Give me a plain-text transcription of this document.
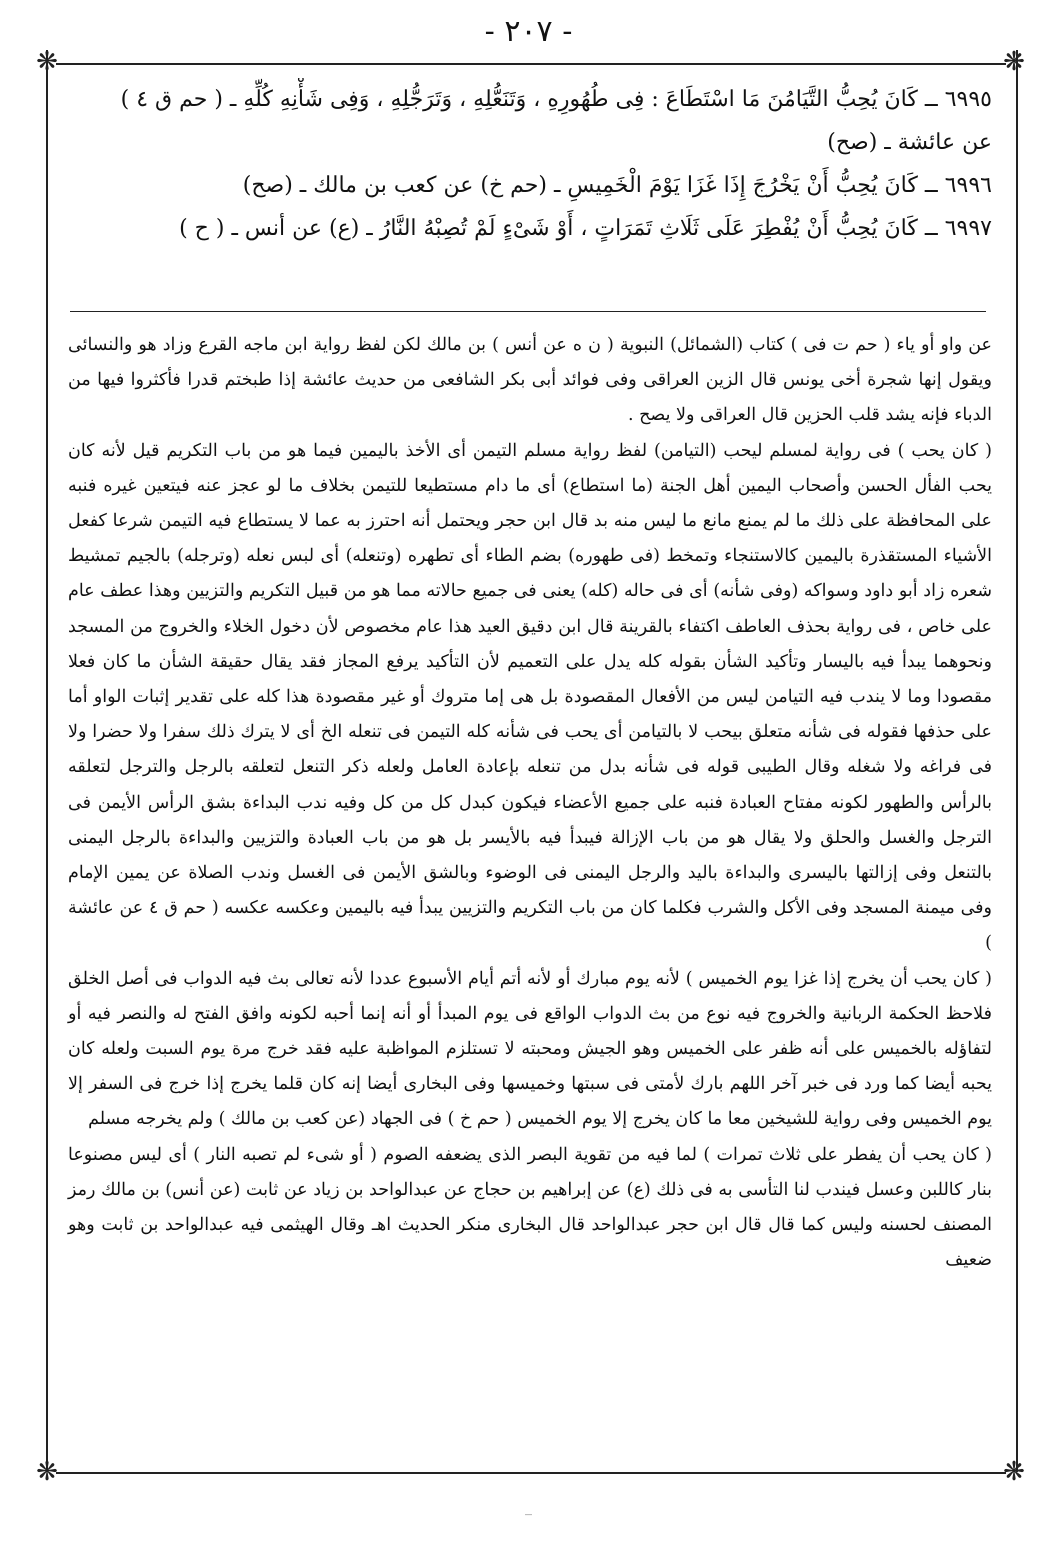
- ٢٠٧ -
❋	❋
❋	❋

٦٩٩٥ ــ كَانَ يُحِبُّ التَّيَامُنَ مَا اسْتَطَاعَ : فِى طُهُورِهِ ، وَتَنَعُّلِهِ ، وَتَرَجُّلِهِ ، وَفِى شَأْنِهِ كُلِّهِ ـ ( حم ق ٤ )

عن عائشة ـ (صح)

٦٩٩٦ ــ كَانَ يُحِبُّ أَنْ يَخْرُجَ إِذَا غَزَا يَوْمَ الْخَمِيسِ ـ (حم خ) عن كعب بن مالك ـ (صح)

٦٩٩٧ ــ كَانَ يُحِبُّ أَنْ يُفْطِرَ عَلَى ثَلَاثِ تَمَرَاتٍ ، أَوْ شَىْءٍ لَمْ تُصِبْهُ النَّارُ ـ (ع) عن أنس ـ ( ح )

عن واو أو ياء ( حم ت فى ) كتاب (الشمائل) النبوية ( ن ه عن أنس ) بن مالك لكن لفظ رواية ابن ماجه القرع وزاد هو والنسائى ويقول إنها شجرة أخى يونس قال الزين العراقى وفى فوائد أبى بكر الشافعى من حديث عائشة إذا طبختم قدرا فأكثروا فيها من الدباء فإنه يشد قلب الحزين قال العراقى ولا يصح .

( كان يحب ) فى رواية لمسلم ليحب (التيامن) لفظ رواية مسلم التيمن أى الأخذ باليمين فيما هو من باب التكريم قيل لأنه كان يحب الفأل الحسن وأصحاب اليمين أهل الجنة (ما استطاع) أى ما دام مستطيعا للتيمن بخلاف ما لو عجز عنه فيتعين غيره فنبه على المحافظة على ذلك ما لم يمنع مانع ما ليس منه بد قال ابن حجر ويحتمل أنه احترز به عما لا يستطاع فيه التيمن شرعا كفعل الأشياء المستقذرة باليمين كالاستنجاء وتمخط (فى طهوره) بضم الطاء أى تطهره (وتنعله) أى لبس نعله (وترجله) بالجيم تمشيط شعره زاد أبو داود وسواكه (وفى شأنه) أى فى حاله (كله) يعنى فى جميع حالاته مما هو من قبيل التكريم والتزيين وهذا عطف عام على خاص ، فى رواية بحذف العاطف اكتفاء بالقرينة قال ابن دقيق العيد هذا عام مخصوص لأن دخول الخلاء والخروج من المسجد ونحوهما يبدأ فيه باليسار وتأكيد الشأن بقوله كله يدل على التعميم لأن التأكيد يرفع المجاز فقد يقال حقيقة الشأن ما كان فعلا مقصودا وما لا يندب فيه التيامن ليس من الأفعال المقصودة بل هى إما متروك أو غير مقصودة هذا كله على تقدير إثبات الواو أما على حذفها فقوله فى شأنه متعلق بيحب لا بالتيامن أى يحب فى شأنه كله التيمن فى تنعله الخ أى لا يترك ذلك سفرا ولا حضرا ولا فى فراغه ولا شغله وقال الطيبى قوله فى شأنه بدل من تنعله بإعادة العامل ولعله ذكر التنعل لتعلقه بالرجل والترجل لتعلقه بالرأس والطهور لكونه مفتاح العبادة فنبه على جميع الأعضاء فيكون كبدل كل من كل وفيه ندب البداءة بشق الرأس الأيمن فى الترجل والغسل والحلق ولا يقال هو من باب الإزالة فيبدأ فيه بالأيسر بل هو من باب العبادة والتزيين والبداءة بالرجل اليمنى بالتنعل وفى إزالتها باليسرى والبداءة باليد والرجل اليمنى فى الوضوء وبالشق الأيمن فى الغسل وندب الصلاة عن يمين الإمام وفى ميمنة المسجد وفى الأكل والشرب فكلما كان من باب التكريم والتزيين يبدأ فيه باليمين وعكسه عكسه ( حم ق ٤ عن عائشة )

( كان يحب أن يخرج إذا غزا يوم الخميس ) لأنه يوم مبارك أو لأنه أتم أيام الأسبوع عددا لأنه تعالى بث فيه الدواب فى أصل الخلق فلاحظ الحكمة الربانية والخروج فيه نوع من بث الدواب الواقع فى يوم المبدأ أو أنه إنما أحبه لكونه وافق الفتح له والنصر فيه أو لتفاؤله بالخميس على أنه ظفر على الخميس وهو الجيش ومحبته لا تستلزم المواظبة عليه فقد خرج مرة يوم السبت ولعله كان يحبه أيضا كما ورد فى خبر آخر اللهم بارك لأمتى فى سبتها وخميسها وفى البخارى أيضا إنه كان قلما يخرج إذا خرج فى السفر إلا يوم الخميس وفى رواية للشيخين معا ما كان يخرج إلا يوم الخميس ( حم خ ) فى الجهاد (عن كعب بن مالك ) ولم يخرجه مسلم

( كان يحب أن يفطر على ثلاث تمرات ) لما فيه من تقوية البصر الذى يضعفه الصوم ( أو شىء لم تصبه النار ) أى ليس مصنوعا بنار كاللبن وعسل فيندب لنا التأسى به فى ذلك (ع) عن إبراهيم بن حجاج عن عبدالواحد بن زياد عن ثابت (عن أنس) بن مالك رمز المصنف لحسنه وليس كما قال قال ابن حجر عبدالواحد قال البخارى منكر الحديث اهـ وقال الهيثمى فيه عبدالواحد بن ثابت وهو ضعيف

_
